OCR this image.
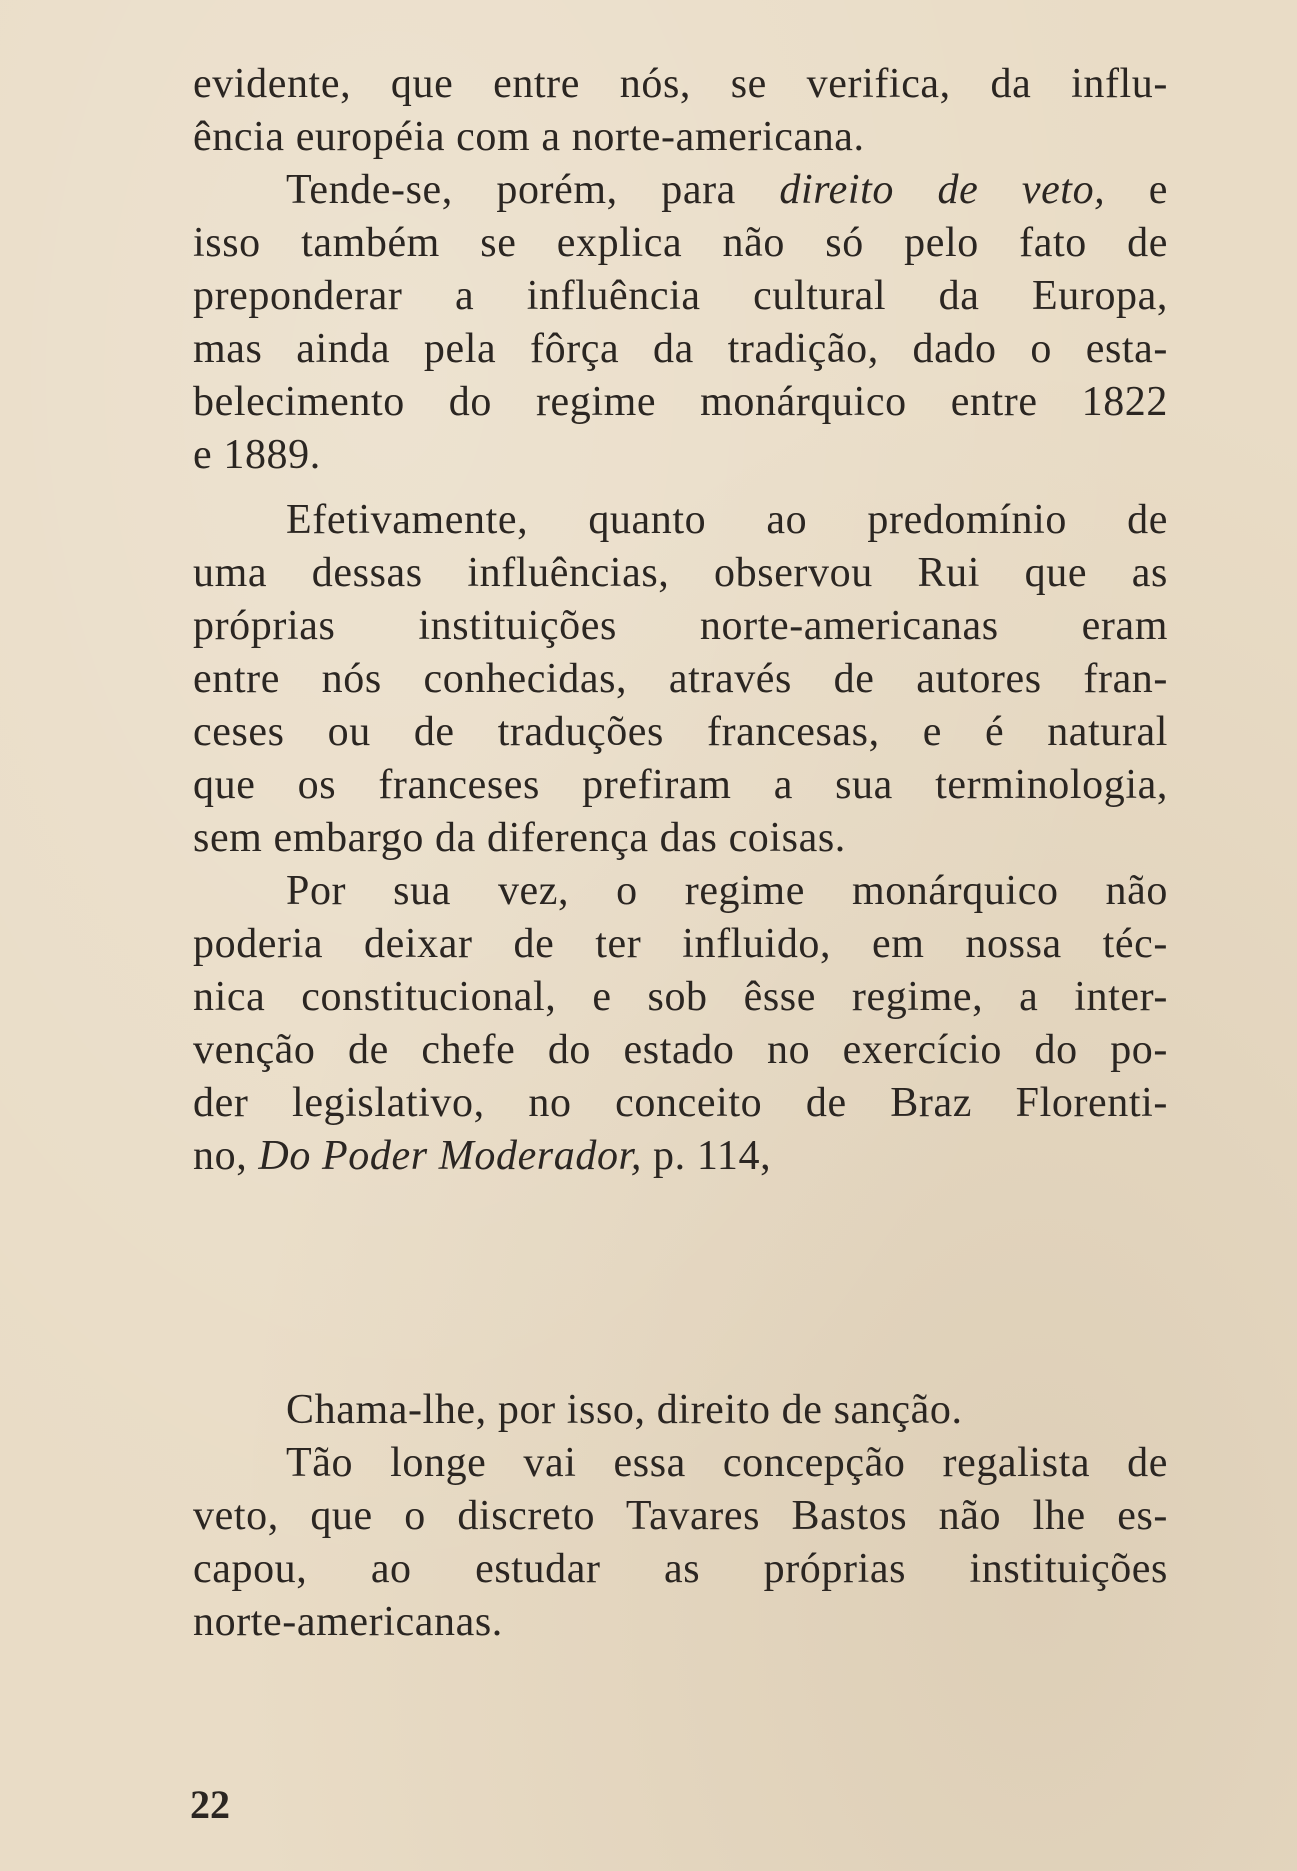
evidente, que entre nós, se verifica, da influ-
ência européia com a norte-americana.
Tende-se, porém, para direito de veto, e
isso também se explica não só pelo fato de
preponderar a influência cultural da Europa,
mas ainda pela fôrça da tradição, dado o esta-
belecimento do regime monárquico entre 1822
e 1889.
Efetivamente, quanto ao predomínio de
uma dessas influências, observou Rui que as
próprias instituições norte-americanas eram
entre nós conhecidas, através de autores fran-
ceses ou de traduções francesas, e é natural
que os franceses prefiram a sua terminologia,
sem embargo da diferença das coisas.
Por sua vez, o regime monárquico não
poderia deixar de ter influido, em nossa téc-
nica constitucional, e sob êsse regime, a inter-
venção de chefe do estado no exercício do po-
der legislativo, no conceito de Braz Florenti-
no, Do Poder Moderador, p. 114,
Chama-lhe, por isso, direito de sanção.
Tão longe vai essa concepção regalista de
veto, que o discreto Tavares Bastos não lhe es-
capou, ao estudar as próprias instituições
norte-americanas.
22
